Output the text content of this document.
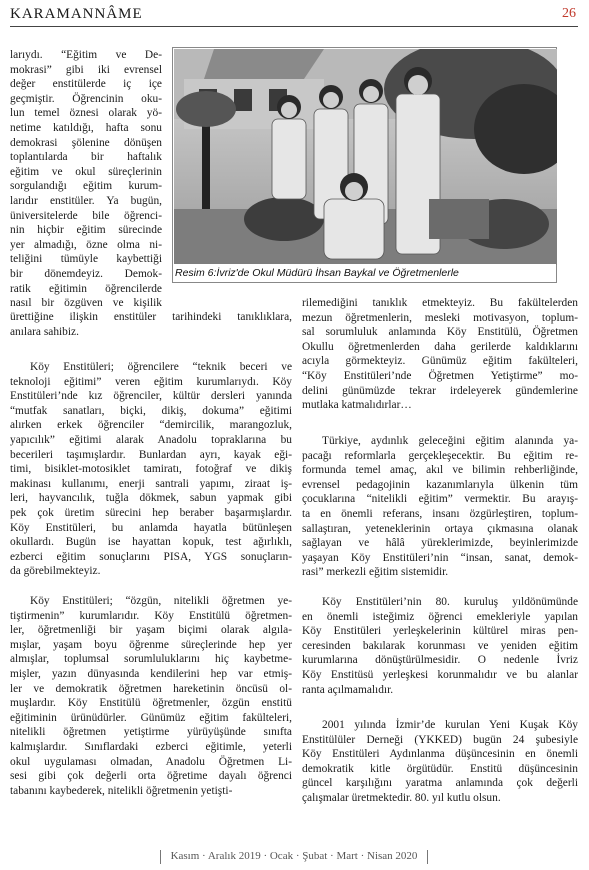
KARAMANNÂME	26
Resim 6:İvriz'de Okul Müdürü İhsan Baykal ve Öğretmenlerle
larıydı. “Eğitim ve De-
mokrasi” gibi iki evrensel
değer enstitülerde iç içe
geçmiştir. Öğrencinin oku-
lun temel öznesi olarak yö-
netime katıldığı, hafta sonu
demokrasi şölenine dönüşen
toplantılarda bir haftalık
eğitim ve okul süreçlerinin
sorgulandığı eğitim kurum-
larıdır enstitüler. Ya bugün,
üniversitelerde bile öğrenci-
nin hiçbir eğitim sürecinde
yer almadığı, özne olma ni-
teliğini tümüyle kaybettiği
bir dönemdeyiz. Demok-
ratik eğitimin öğrencilerde
nasıl bir özgüven ve kişilik
ürettiğine ilişkin enstitüler tarihindeki tanıklıklara,
anılara sahibiz.
Köy Enstitüleri; öğrencilere “teknik beceri ve
teknoloji eğitimi” veren eğitim kurumlarıydı. Köy
Enstitüleri’nde kız öğrenciler, kültür dersleri yanında
“mutfak sanatları, biçki, dikiş, dokuma” eğitimi
alırken erkek öğrenciler “demircilik, marangozluk,
yapıcılık” eğitimi alarak Anadolu topraklarına bu
becerileri taşımışlardır. Bunlardan ayrı, kayak eği-
timi, bisiklet-motosiklet tamiratı, fotoğraf ve dikiş
makinası kullanımı, enerji santrali yapımı, ziraat iş-
leri, hayvancılık, tuğla dökmek, sabun yapmak gibi
pek çok üretim sürecini hep beraber başarmışlardır.
Köy Enstitüleri, bu anlamda hayatla bütünleşen
okullardı. Bugün ise hayattan kopuk, test ağırlıklı,
ezberci eğitim sonuçlarını PISA, YGS sonuçların-
da görebilmekteyiz.
Köy Enstitüleri; “özgün, nitelikli öğretmen ye-
tiştirmenin” kurumlarıdır. Köy Enstitülü öğretmen-
ler, öğretmenliği bir yaşam biçimi olarak algıla-
mışlar, yaşam boyu öğrenme süreçlerinde hep yer
almışlar, toplumsal sorumluluklarını hiç kaybetme-
mişler, yazın dünyasında kendilerini hep var etmiş-
ler ve demokratik öğretmen hareketinin öncüsü ol-
muşlardır. Köy Enstitülü öğretmenler, özgün enstitü
eğitiminin ürünüdürler. Günümüz eğitim fakülteleri,
nitelikli öğretmen yetiştirme yürüyüşünde sınıfta
kalmışlardır. Sınıflardaki ezberci eğitimle, yeterli
okul uygulaması olmadan, Anadolu Öğretmen Li-
sesi gibi çok değerli orta öğretime dayalı öğrenci
tabanını kaybederek, nitelikli öğretmenin yetişti-
rilemediğini tanıklık etmekteyiz. Bu fakültelerden
mezun öğretmenlerin, mesleki motivasyon, toplum-
sal sorumluluk anlamında Köy Enstitülü, Öğretmen
Okullu öğretmenlerden daha gerilerde kaldıklarını
acıyla görmekteyiz. Günümüz eğitim fakülteleri,
“Köy Enstitüleri’nde Öğretmen Yetiştirme” mo-
delini günümüzde tekrar irdeleyerek gündemlerine
mutlaka katmalıdırlar…
Türkiye, aydınlık geleceğini eğitim alanında ya-
pacağı reformlarla gerçekleşecektir. Bu eğitim re-
formunda temel amaç, akıl ve bilimin rehberliğinde,
evrensel pedagojinin kazanımlarıyla ülkenin tüm
çocuklarına “nitelikli eğitim” vermektir. Bu arayış-
ta en önemli referans, insanı özgürleştiren, toplum-
sallaştıran, yeteneklerinin ortaya çıkmasına olanak
sağlayan ve hâlâ yüreklerimizde, beyinlerimizde
yaşayan Köy Enstitüleri’nin “insan, sanat, demok-
rasi” merkezli eğitim sistemidir.
Köy Enstitüleri’nin 80. kuruluş yıldönümünde
en önemli isteğimiz öğrenci emekleriyle yapılan
Köy Enstitüleri yerleşkelerinin kültürel miras pen-
ceresinden bakılarak korunması ve yeniden eğitim
kurumlarına dönüştürülmesidir. O nedenle İvriz
Köy Enstitüsü yerleşkesi korunmalıdır ve bu alanlar
ranta açılmamalıdır.
2001 yılında İzmir’de kurulan Yeni Kuşak Köy
Enstitülüler Derneği (YKKED) bugün 24 şubesiyle
Köy Enstitüleri Aydınlanma düşüncesinin en önemli
demokratik kitle örgütüdür. Enstitü düşüncesinin
güncel karşılığını yaratma anlamında çok değerli
çalışmalar üretmektedir. 80. yıl kutlu olsun.
Kasım · Aralık 2019 · Ocak · Şubat · Mart · Nisan 2020
